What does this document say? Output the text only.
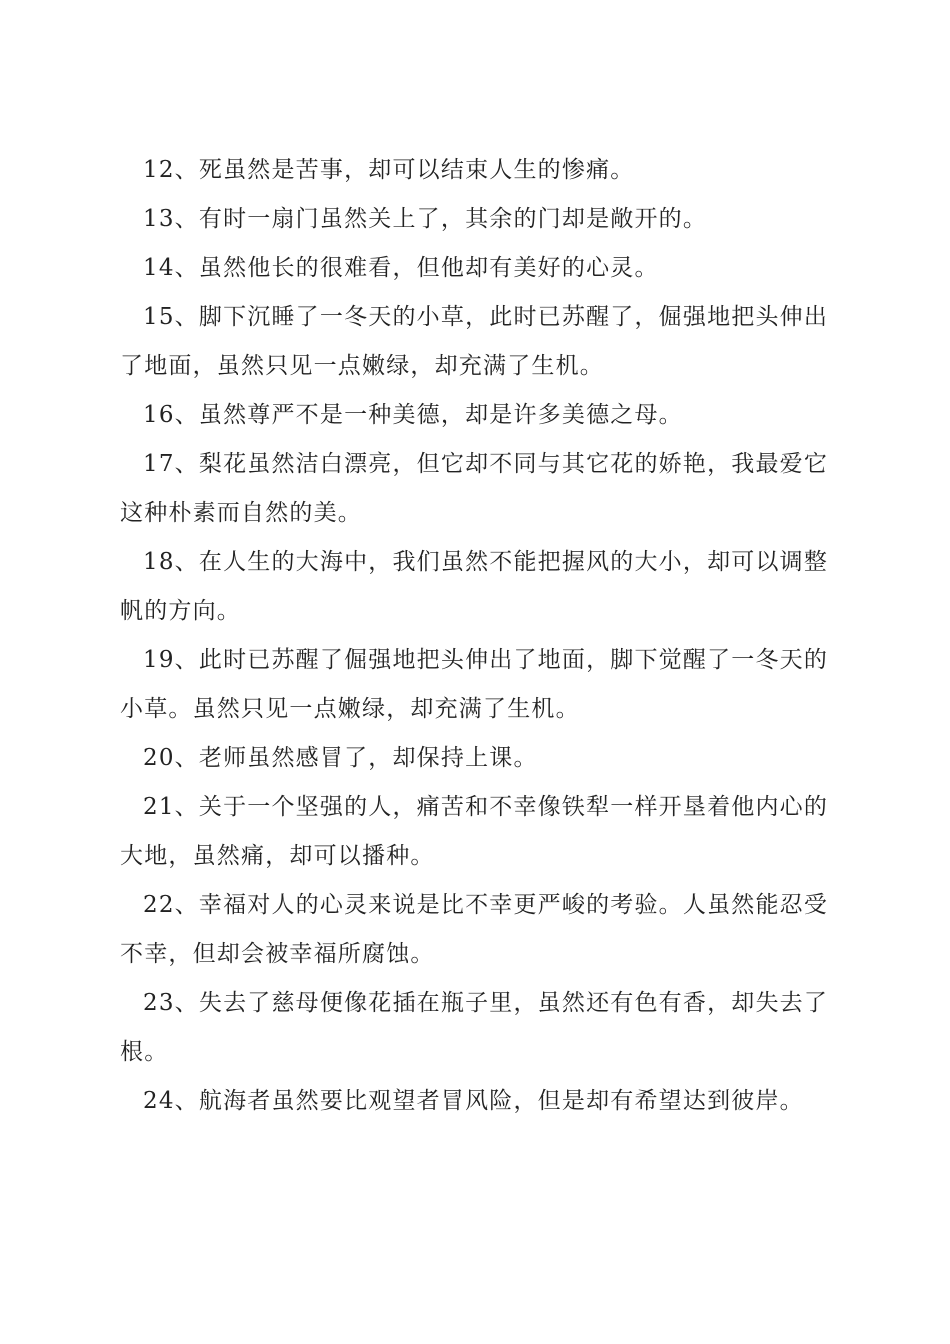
12、死虽然是苦事，却可以结束人生的惨痛。

13、有时一扇门虽然关上了，其余的门却是敞开的。

14、虽然他长的很难看，但他却有美好的心灵。

15、脚下沉睡了一冬天的小草，此时已苏醒了，倔强地把头伸出了地面，虽然只见一点嫩绿，却充满了生机。

16、虽然尊严不是一种美德，却是许多美德之母。

17、梨花虽然洁白漂亮，但它却不同与其它花的娇艳，我最爱它这种朴素而自然的美。

18、在人生的大海中，我们虽然不能把握风的大小，却可以调整帆的方向。

19、此时已苏醒了倔强地把头伸出了地面，脚下觉醒了一冬天的小草。虽然只见一点嫩绿，却充满了生机。

20、老师虽然感冒了，却保持上课。

21、关于一个坚强的人，痛苦和不幸像铁犁一样开垦着他内心的大地，虽然痛，却可以播种。

22、幸福对人的心灵来说是比不幸更严峻的考验。人虽然能忍受不幸，但却会被幸福所腐蚀。

23、失去了慈母便像花插在瓶子里，虽然还有色有香，却失去了根。

24、航海者虽然要比观望者冒风险，但是却有希望达到彼岸。
